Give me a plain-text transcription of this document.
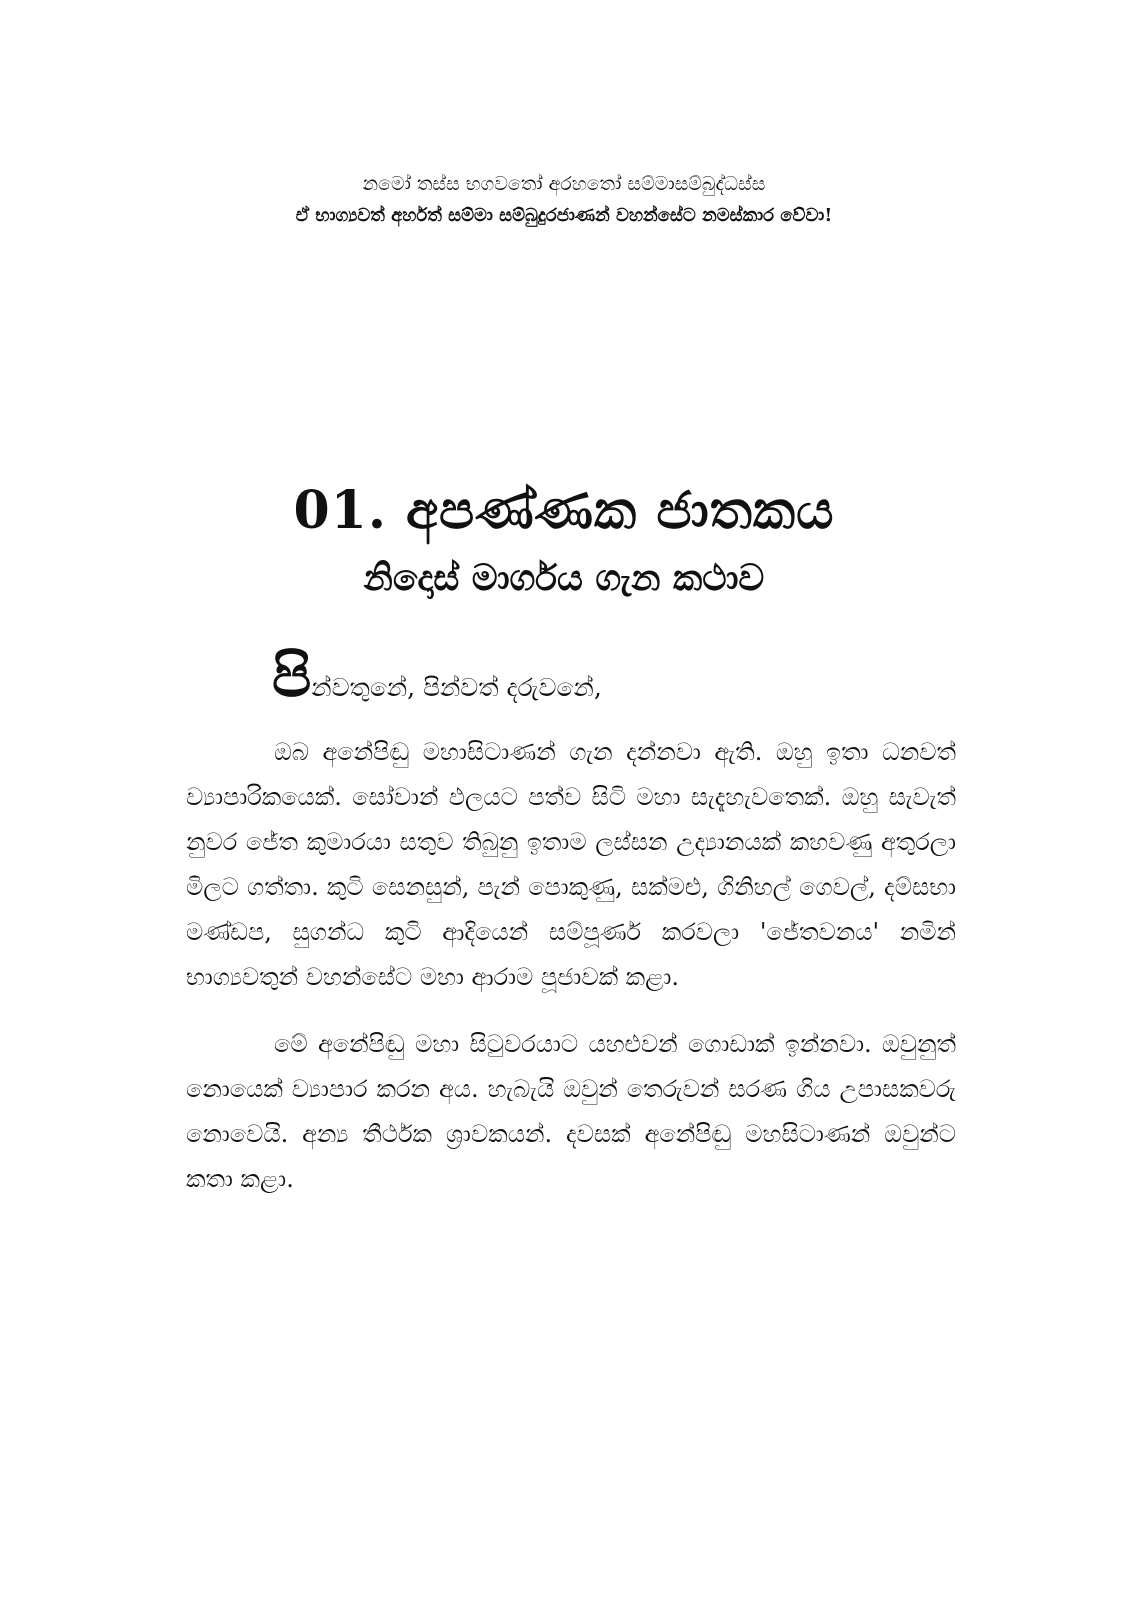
නමෝ තස්ස භගවතෝ අරහතෝ සම්මාසම්බුද්ධස්ස
ඒ භාග්‍යවත් අර්හත් සම්මා සම්බුදුරජාණන් වහන්සේට නමස්කාර වේවා!
01. අපණ්ණක ජාතකය
නිදොස් මාර්ගය ගැන කථාව
පින්වතුනේ, පින්වත් දරුවනේ,

ඔබ අනේපිඬු මහාසිටාණන් ගැන දන්නවා ඇති. ඔහු ඉතා ධනවත් ව්‍යාපාරිකයෙක්. සෝවාන් ඵලයට පත්ව සිටි මහා සැදැහැවතෙක්. ඔහු සැවැත් නුවර ජේත කුමාරයා සතුව තිබුනු ඉතාම ලස්සන උද්‍යානයක් කහවණු අතුරලා මිලට ගත්තා. කුටි සෙනසුන්, පැන් පොකුණු, සක්මළු, ගිනිහල් ගෙවල්, දම්සභා මණ්ඩප, සුගන්ධ කුටි ආදියෙන් සම්පූර්ණ කරවලා 'ජේතවනය' නමින් භාග්‍යවතුන් වහන්සේට මහා ආරාම පූජාවක් කළා.

මේ අනේපිඬු මහා සිටුවරයාට යහළුවන් ගොඩාක් ඉන්නවා. ඔවුනුත් නොයෙක් ව්‍යාපාර කරන අය. හැබැයි ඔවුන් තෙරුවන් සරණ ගිය උපාසකවරු නොවෙයි. අන්‍ය තීර්ථක ශ්‍රාවකයන්. දවසක් අනේපිඬු මහසිටාණන් ඔවුන්ට කතා කළා.
